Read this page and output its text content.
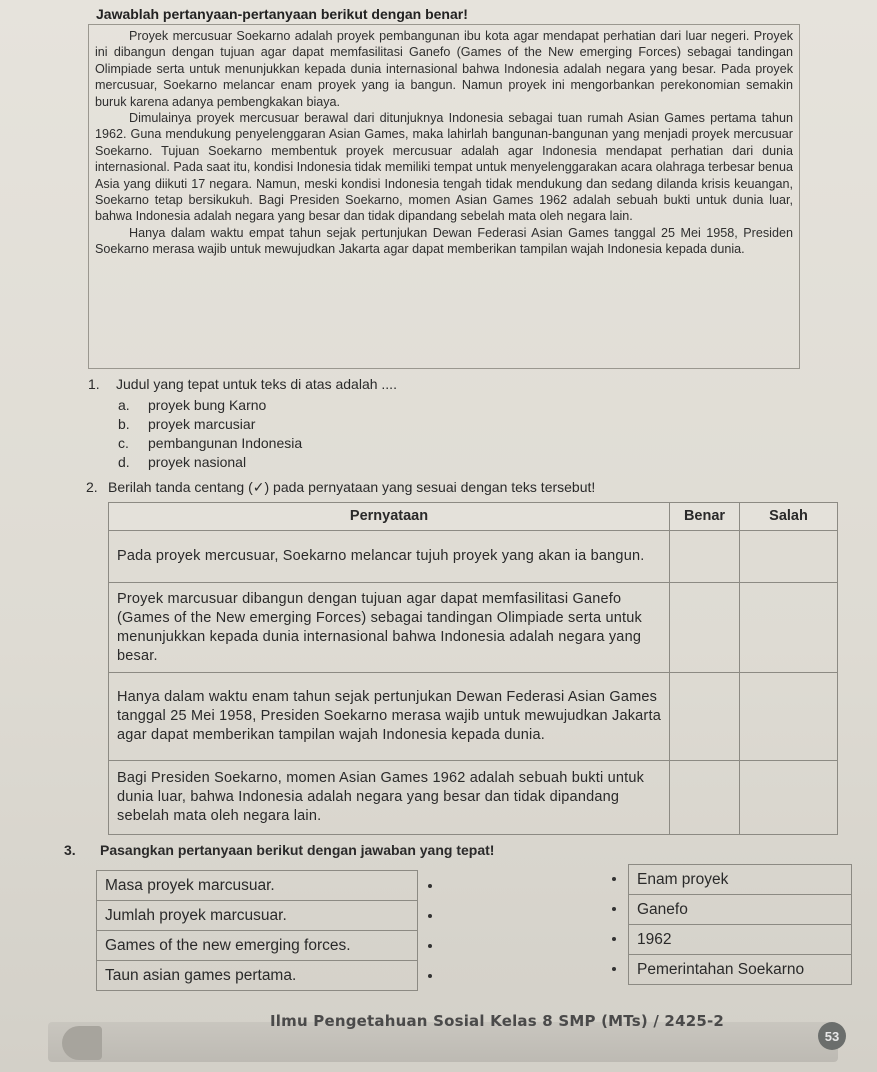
Jawablah pertanyaan-pertanyaan berikut dengan benar!

Proyek mercusuar Soekarno adalah proyek pembangunan ibu kota agar mendapat perhatian dari luar negeri. Proyek ini dibangun dengan tujuan agar dapat memfasilitasi Ganefo (Games of the New emerging Forces) sebagai tandingan Olimpiade serta untuk menunjukkan kepada dunia internasional bahwa Indonesia adalah negara yang besar. Pada proyek mercusuar, Soekarno melancar enam proyek yang ia bangun. Namun proyek ini mengorbankan perekonomian semakin buruk karena adanya pembengkakan biaya.

Dimulainya proyek mercusuar berawal dari ditunjuknya Indonesia sebagai tuan rumah Asian Games pertama tahun 1962. Guna mendukung penyelenggaran Asian Games, maka lahirlah bangunan-bangunan yang menjadi proyek mercusuar Soekarno. Tujuan Soekarno membentuk proyek mercusuar adalah agar Indonesia mendapat perhatian dari dunia internasional. Pada saat itu, kondisi Indonesia tidak memiliki tempat untuk menyelenggarakan acara olahraga terbesar benua Asia yang diikuti 17 negara. Namun, meski kondisi Indonesia tengah tidak mendukung dan sedang dilanda krisis keuangan, Soekarno tetap bersikukuh. Bagi Presiden Soekarno, momen Asian Games 1962 adalah sebuah bukti untuk dunia luar, bahwa Indonesia adalah negara yang besar dan tidak dipandang sebelah mata oleh negara lain.

Hanya dalam waktu empat tahun sejak pertunjukan Dewan Federasi Asian Games tanggal 25 Mei 1958, Presiden Soekarno merasa wajib untuk mewujudkan Jakarta agar dapat memberikan tampilan wajah Indonesia kepada dunia.

1. Judul yang tepat untuk teks di atas adalah ....
a. proyek bung Karno
b. proyek marcusiar
c. pembangunan Indonesia
d. proyek nasional
2. Berilah tanda centang (✓) pada pernyataan yang sesuai dengan teks tersebut!
Pernyataan	Benar	Salah
Pada proyek mercusuar, Soekarno melancar tujuh proyek yang akan ia bangun.		
Proyek marcusuar dibangun dengan tujuan agar dapat memfasilitasi Ganefo (Games of the New emerging Forces) sebagai tandingan Olimpiade serta untuk menunjukkan kepada dunia internasional bahwa Indonesia adalah negara yang besar.		
Hanya dalam waktu enam tahun sejak pertunjukan Dewan Federasi Asian Games tanggal 25 Mei 1958, Presiden Soekarno merasa wajib untuk mewujudkan Jakarta agar dapat memberikan tampilan wajah Indonesia kepada dunia.		
Bagi Presiden Soekarno, momen Asian Games 1962 adalah sebuah bukti untuk dunia luar, bahwa Indonesia adalah negara yang besar dan tidak dipandang sebelah mata oleh negara lain.		
3. Pasangkan pertanyaan berikut dengan jawaban yang tepat!
Masa proyek marcusuar.
Jumlah proyek marcusuar.
Games of the new emerging forces.
Taun asian games pertama.
Enam proyek
Ganefo
1962
Pemerintahan Soekarno
Ilmu Pengetahuan Sosial Kelas 8 SMP (MTs) / 2425-2
53
